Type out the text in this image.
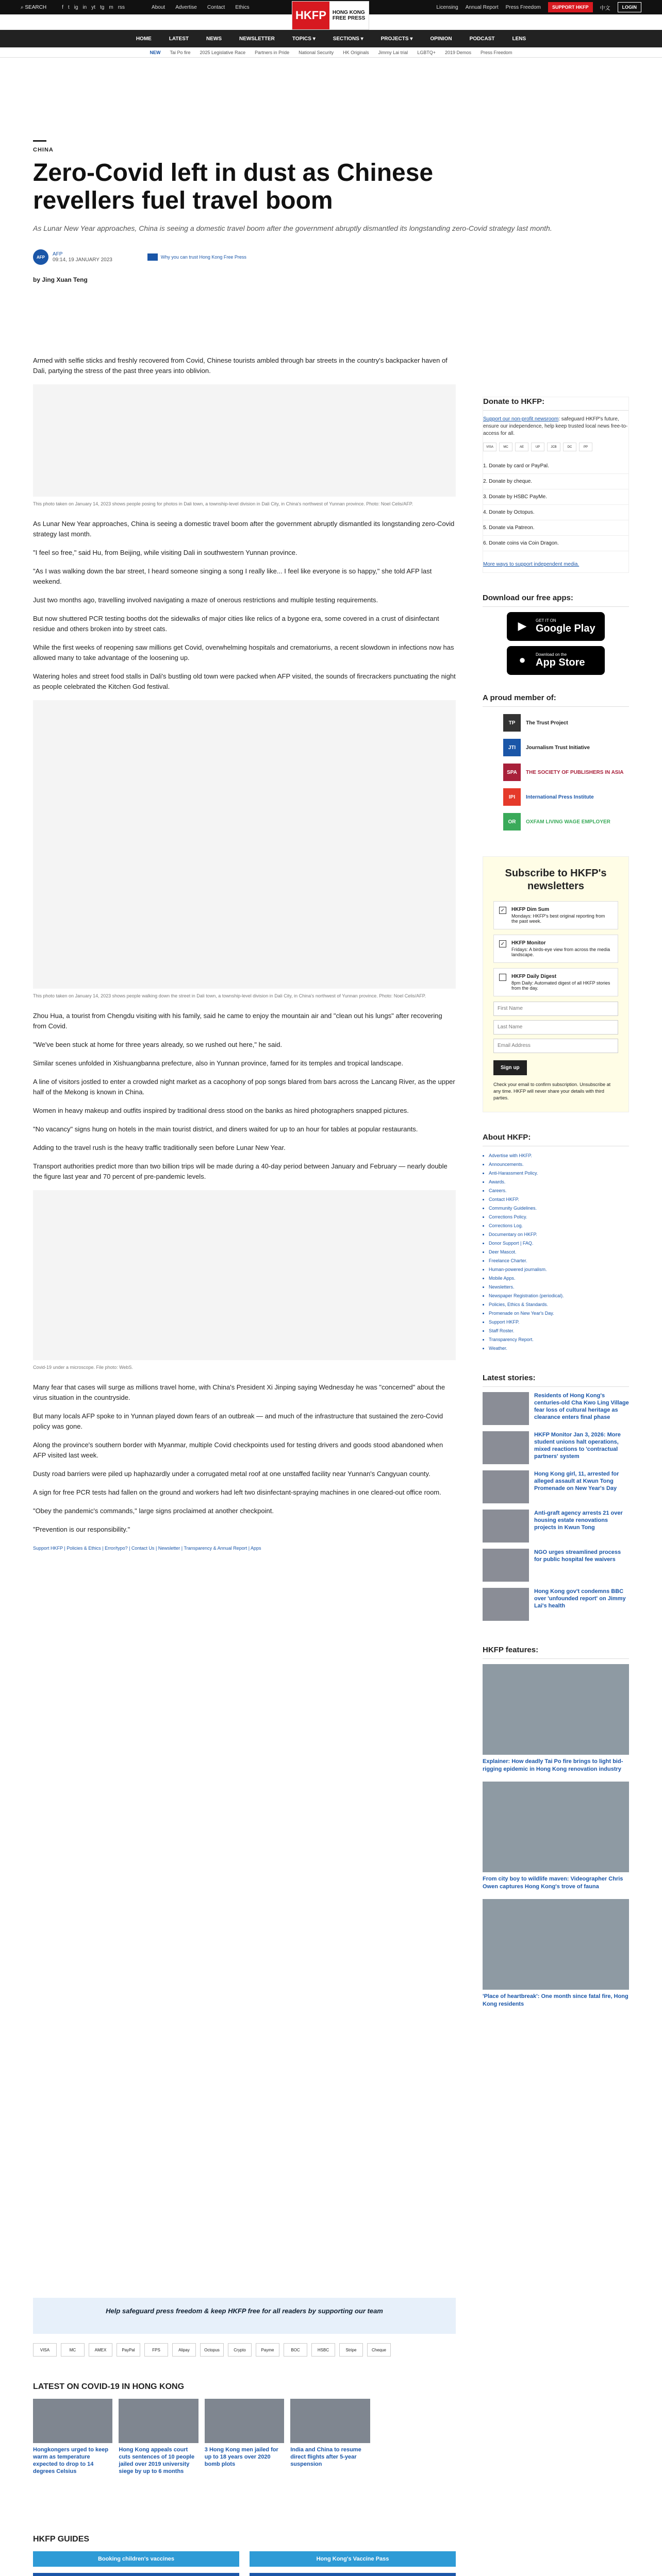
⌕ SEARCH	f t ig in yt tg m rss	About Advertise Contact Ethics	Licensing Annual Report Press Freedom	SUPPORT HKFP	中文	LOGIN
HKFP	HONG KONG
FREE PRESS
HOME	LATEST	NEWS	NEWSLETTER	TOPICS ▾	SECTIONS ▾	PROJECTS ▾	OPINION	PODCAST	LENS
NEW Tai Po fire 2025 Legislative Race Partners in Pride National Security HK Originals Jimmy Lai trial LGBTQ+ 2019 Demos Press Freedom
CHINA
Zero-Covid left in dust as Chinese revellers fuel travel boom
As Lunar New Year approaches, China is seeing a domestic travel boom after the government abruptly dismantled its longstanding zero-Covid strategy last month.
AFP	AFP
09:14, 19 JANUARY 2023	Why you can trust Hong Kong Free Press
by Jing Xuan Teng

Armed with selfie sticks and freshly recovered from Covid, Chinese tourists ambled through bar streets in the country's backpacker haven of Dali, partying the stress of the past three years into oblivion.

This photo taken on January 14, 2023 shows people posing for photos in Dali town, a township-level division in Dali City, in China's northwest of Yunnan province. Photo: Noel Celis/AFP.

As Lunar New Year approaches, China is seeing a domestic travel boom after the government abruptly dismantled its longstanding zero-Covid strategy last month.

"I feel so free," said Hu, from Beijing, while visiting Dali in southwestern Yunnan province.

"As I was walking down the bar street, I heard someone singing a song I really like... I feel like everyone is so happy," she told AFP last weekend.

Just two months ago, travelling involved navigating a maze of onerous restrictions and multiple testing requirements.

But now shuttered PCR testing booths dot the sidewalks of major cities like relics of a bygone era, some covered in a crust of disinfectant residue and others broken into by street cats.

While the first weeks of reopening saw millions get Covid, overwhelming hospitals and crematoriums, a recent slowdown in infections now has allowed many to take advantage of the loosening up.

Watering holes and street food stalls in Dali's bustling old town were packed when AFP visited, the sounds of firecrackers punctuating the night as people celebrated the Kitchen God festival.

This photo taken on January 14, 2023 shows people walking down the street in Dali town, a township-level division in Dali City, in China's northwest of Yunnan province. Photo: Noel Celis/AFP.

Zhou Hua, a tourist from Chengdu visiting with his family, said he came to enjoy the mountain air and "clean out his lungs" after recovering from Covid.

"We've been stuck at home for three years already, so we rushed out here," he said.

Similar scenes unfolded in Xishuangbanna prefecture, also in Yunnan province, famed for its temples and tropical landscape.

A line of visitors jostled to enter a crowded night market as a cacophony of pop songs blared from bars across the Lancang River, as the upper half of the Mekong is known in China.

Women in heavy makeup and outfits inspired by traditional dress stood on the banks as hired photographers snapped pictures.

"No vacancy" signs hung on hotels in the main tourist district, and diners waited for up to an hour for tables at popular restaurants.

Adding to the travel rush is the heavy traffic traditionally seen before Lunar New Year.

Transport authorities predict more than two billion trips will be made during a 40-day period between January and February — nearly double the figure last year and 70 percent of pre-pandemic levels.

Covid-19 under a microscope. File photo: WebS.

Many fear that cases will surge as millions travel home, with China's President Xi Jinping saying Wednesday he was "concerned" about the virus situation in the countryside.

But many locals AFP spoke to in Yunnan played down fears of an outbreak — and much of the infrastructure that sustained the zero-Covid policy was gone.

Along the province's southern border with Myanmar, multiple Covid checkpoints used for testing drivers and goods stood abandoned when AFP visited last week.

Dusty road barriers were piled up haphazardly under a corrugated metal roof at one unstaffed facility near Yunnan's Cangyuan county.

A sign for free PCR tests had fallen on the ground and workers had left two disinfectant-spraying machines in one cleared-out office room.

"Obey the pandemic's commands," large signs proclaimed at another checkpoint.

"Prevention is our responsibility."

Support HKFP | Policies & Ethics | Error/typo? | Contact Us | Newsletter | Transparency & Annual Report | Apps
Help safeguard press freedom & keep HKFP free for all readers by supporting our team
VISA	MC	AMEX	PayPal	FPS	Alipay	Octopus	Crypto	Payme	BOC	HSBC	Stripe	Cheque
LATEST ON COVID-19 IN HONG KONG
Hongkongers urged to keep warm as temperature expected to drop to 14 degrees Celsius
Hong Kong appeals court cuts sentences of 10 people jailed over 2019 university siege by up to 6 months
3 Hong Kong men jailed for up to 18 years over 2020 bomb plots
India and China to resume direct flights after 5-year suspension
HKFP GUIDES
Booking children's vaccines	Hong Kong's Vaccine Pass
Donate to HKFP:
Support our non-profit newsroom: safeguard HKFP's future, ensure our independence, help keep trusted local news free-to-access for all.
VISA	MC	AE	UP	JCB	DC	PP
1. Donate by card or PayPal.
2. Donate by cheque.
3. Donate by HSBC PayMe.
4. Donate by Octopus.
5. Donate via Patreon.
6. Donate coins via Coin Dragon.
More ways to support independent media.
Download our free apps:
▶	GET IT ON
Google Play
●	Download on the
App Store
A proud member of:
TP	The Trust Project
JTI	Journalism Trust Initiative
SPA	THE SOCIETY OF PUBLISHERS IN ASIA
IPI	International Press Institute
OR	OXFAM LIVING WAGE EMPLOYER
Subscribe to HKFP's newsletters
✓ HKFP Dim Sum
Mondays: HKFP's best original reporting from the past week.
✓ HKFP Monitor
Fridays: A birds-eye view from across the media landscape.
HKFP Daily Digest
8pm Daily: Automated digest of all HKFP stories from the day.
First Name
Last Name
Email Address
Sign up
Check your email to confirm subscription. Unsubscribe at any time. HKFP will never share your details with third parties.
About HKFP:
• Advertise with HKFP.
• Announcements.
• Anti-Harassment Policy.
• Awards.
• Careers.
• Contact HKFP.
• Community Guidelines.
• Corrections Policy.
• Corrections Log.
• Documentary on HKFP.
• Donor Support | FAQ.
• Deer Mascot.
• Freelance Charter.
• Human-powered journalism.
• Mobile Apps.
• Newsletters.
• Newspaper Registration (periodical).
• Policies, Ethics & Standards.
• Promenade on New Year's Day.
• Support HKFP.
• Staff Roster.
• Transparency Report.
• Weather.
Latest stories:
Residents of Hong Kong's centuries-old Cha Kwo Ling Village fear loss of cultural heritage as clearance enters final phase
HKFP Monitor Jan 3, 2026: More student unions halt operations, mixed reactions to 'contractual partners' system
Hong Kong girl, 11, arrested for alleged assault at Kwun Tong Promenade on New Year's Day
Anti-graft agency arrests 21 over housing estate renovations projects in Kwun Tong
NGO urges streamlined process for public hospital fee waivers
Hong Kong gov't condemns BBC over 'unfounded report' on Jimmy Lai's health
HKFP features:
Explainer: How deadly Tai Po fire brings to light bid-rigging epidemic in Hong Kong renovation industry
From city boy to wildlife maven: Videographer Chris Owen captures Hong Kong's trove of fauna
'Place of heartbreak': One month since fatal fire, Hong Kong residents
